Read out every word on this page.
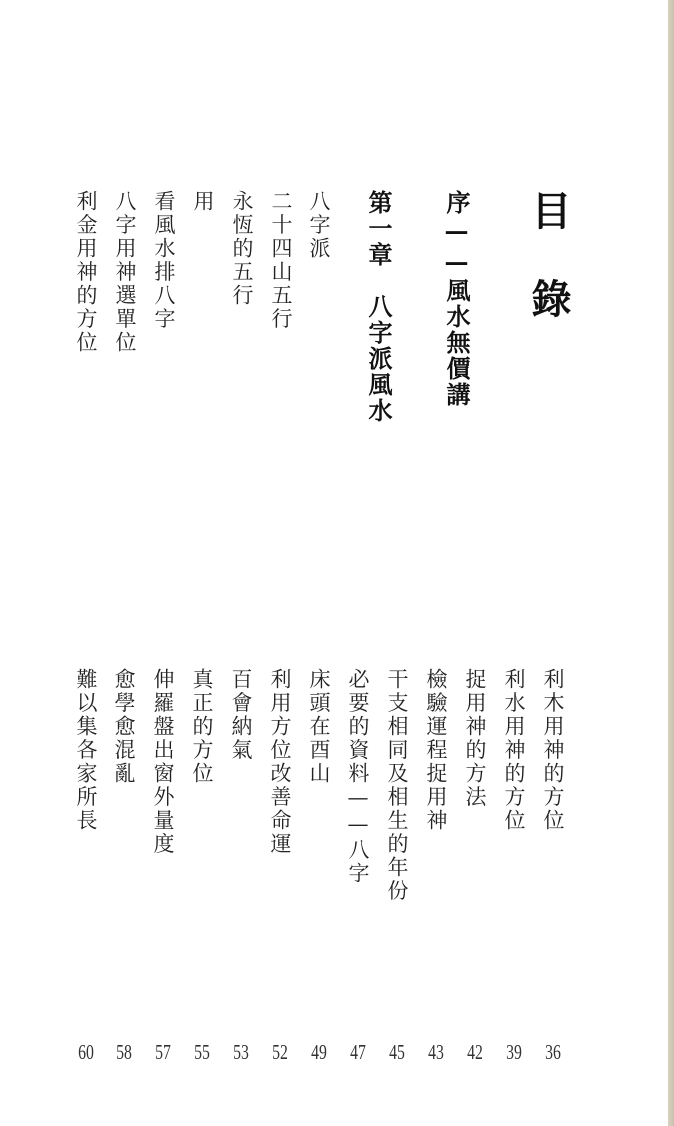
目錄
序——風水無價講
第一章　八字派風水
八字派
二十四山五行
永恆的五行
用
看風水排八字
八字用神選單位
利金用神的方位
利木用神的方位
利水用神的方位
捉用神的方法
檢驗運程捉用神
干支相同及相生的年份
必要的資料——八字
床頭在酉山
利用方位改善命運
百會納氣
真正的方位
伸羅盤出窗外量度
愈學愈混亂
難以集各家所長
36
39
42
43
45
47
49
52
53
55
57
58
60
